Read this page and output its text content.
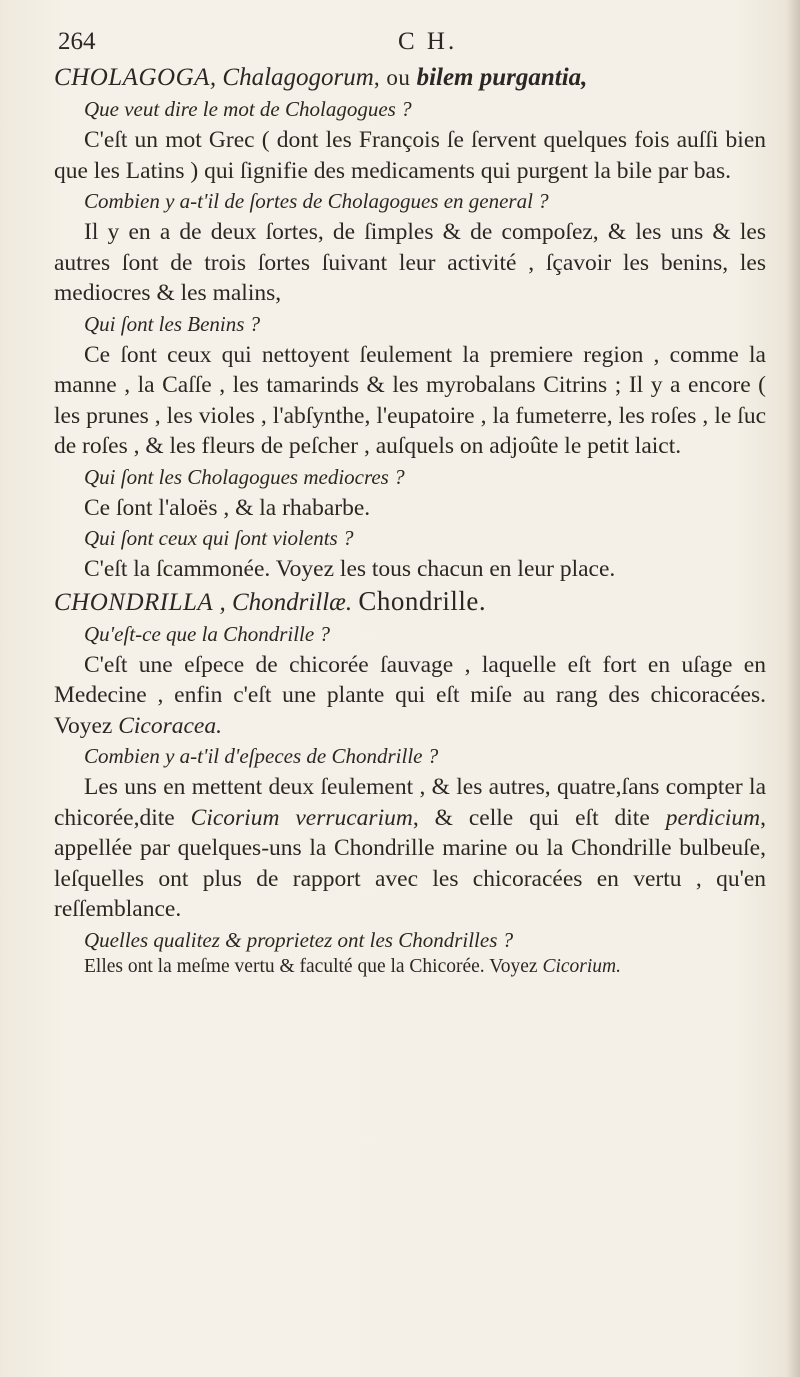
264	C H.

CHOLAGOGA, Chalagogorum, ou bilem purgantia,

Que veut dire le mot de Cholagogues ?

C'eſt un mot Grec ( dont les François ſe ſervent quelques fois auſſi bien que les Latins ) qui ſignifie des medicaments qui purgent la bile par bas.

Combien y a-t'il de ſortes de Cholagogues en general ?

Il y en a de deux ſortes, de ſimples & de compoſez, & les uns & les autres ſont de trois ſortes ſuivant leur activité , ſçavoir les benins, les mediocres & les malins,

Qui ſont les Benins ?

Ce ſont ceux qui nettoyent ſeulement la premiere region , comme la manne , la Caſſe , les tamarinds & les myrobalans Citrins ; Il y a encore ( les prunes , les violes , l'abſynthe, l'eupatoire , la fumeterre, les roſes , le ſuc de roſes , & les fleurs de peſcher , auſquels on adjoûte le petit laict.

Qui ſont les Cholagogues mediocres ?

Ce ſont l'aloës , & la rhabarbe.

Qui ſont ceux qui ſont violents ?

C'eſt la ſcammonée. Voyez les tous chacun en leur place.

CHONDRILLA , Chondrillæ. Chondrille.

Qu'eſt-ce que la Chondrille ?

C'eſt une eſpece de chicorée ſauvage , laquelle eſt fort en uſage en Medecine , enfin c'eſt une plante qui eſt miſe au rang des chicoracées. Voyez Cicoracea.

Combien y a-t'il d'eſpeces de Chondrille ?

Les uns en mettent deux ſeulement , & les autres, quatre,ſans compter la chicorée,dite Cicorium verrucarium, & celle qui eſt dite perdicium, appellée par quelques-uns la Chondrille marine ou la Chondrille bulbeuſe, leſquelles ont plus de rapport avec les chicoracées en vertu , qu'en reſſemblance.

Quelles qualitez & proprietez ont les Chondrilles ?

Elles ont la meſme vertu & faculté que la Chicorée. Voyez Cicorium.
